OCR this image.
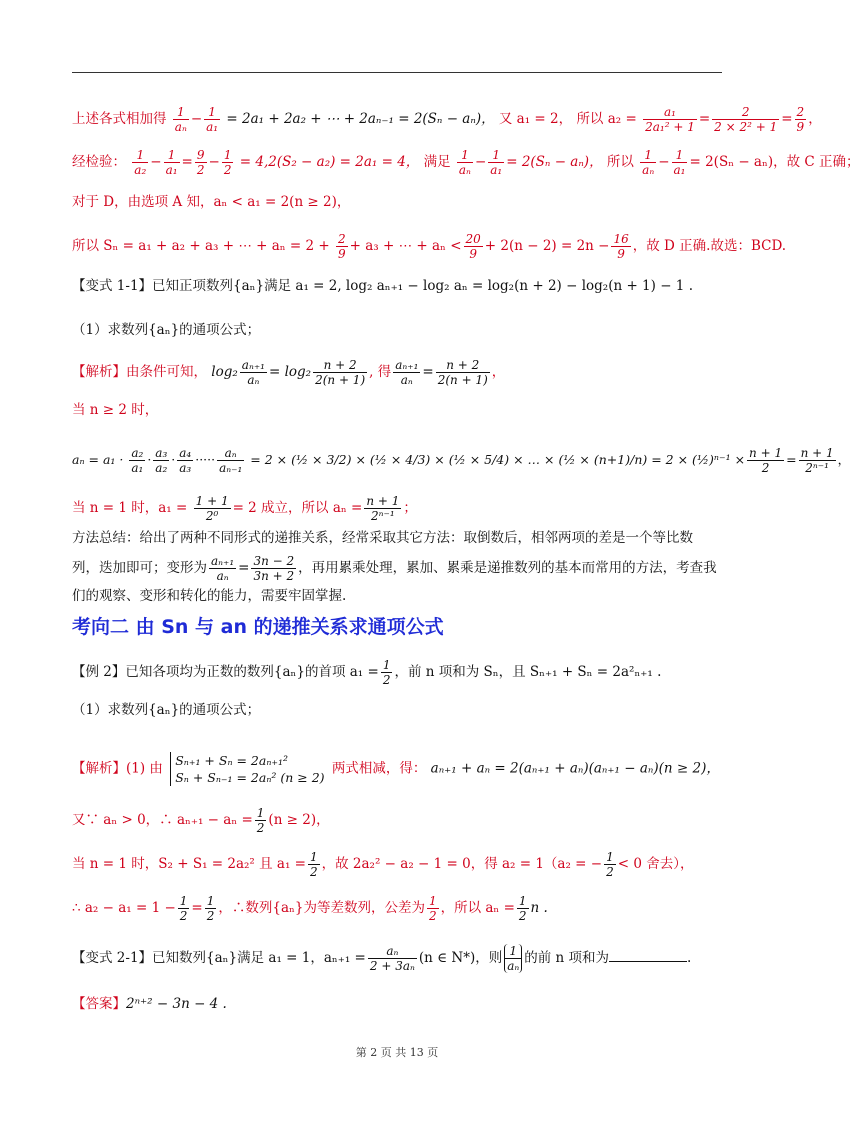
上述各式相加得 $\frac{1}{\text{aₙ}} - \frac{1}{\text{a₁}} = 2a_1 + 2a_2$ + ⋯ + 2aₙ₋₁ = 2(Sₙ − aₙ)， 又 a₁ = 2， 所以 $a_2 = \frac{\text{a₁}}{\text{2a₁² + 1}} = \frac{2}{\text{2 × 2² + 1}} = \frac{2}{9}$ ，
经检验： $\frac{1}{\text{a₂}} - \frac{1}{\text{a₁}} = \frac{9}{2} - \frac{1}{2} = 4,2(S_2 - a_2) = 2a_1 = 4$， 满足 $\frac{1}{\text{aₙ}} - \frac{1}{\text{a₁}} = 2(S_n - a_n)$， 所以 $\frac{1}{\text{aₙ}} - \frac{1}{\text{a₁}} = 2(S_n - a_n)$，故 C 正确；
对于 D，由选项 A 知，aₙ < a₁ = 2(n ≥ 2)，
所以 Sₙ = a₁ + a₂ + a₃ + ⋯ + $a_n = 2 + \frac{2}{9} + a_3$ + ⋯ + $a_n < \frac{20}{9} + 2(n - 2) = 2n - \frac{16}{9}$ ，故 D 正确.故选：BCD.
【变式 1-1】已知正项数列{aₙ}满足 a₁ = 2, log₂ aₙ₊₁ − log₂ aₙ = log₂(n + 2) − log₂(n + 1) − 1 .
（1）求数列{aₙ}的通项公式；
【解析】由条件可知， $\log_2 \frac{\text{aₙ₊₁}}{\text{aₙ}} = \log_2 \frac{n + 2}{2(n + 1)}$ , 得 $\frac{\text{aₙ₊₁}}{\text{aₙ}} = \frac{n + 2}{2(n + 1)}$ ，
当 n ≥ 2 时，
$a_n = a_1 \cdot \frac{\text{a₂}}{\text{a₁}} \cdot \frac{\text{a₃}}{\text{a₂}} \cdot \frac{\text{a₄}}{\text{a₃}}$ ····· $\frac{\text{aₙ}}{\text{aₙ₋₁}} = 2$ × (½ × 3/2) × (½ × 4/3) × (½ × 5/4) × … × (½ × (n+1)/n) = 2 × (½)ⁿ⁻¹ × $\frac{n + 1}{2} = \frac{n + 1}{\text{2ⁿ⁻¹}}$ ，
当 n = 1 时，$a_1 = \frac{1 + 1}{\text{2⁰}} = 2$ 成立，所以 $a_n = \frac{n + 1}{\text{2ⁿ⁻¹}}$ ；
方法总结：给出了两种不同形式的递推关系，经常采取其它方法：取倒数后，相邻两项的差是一个等比数
列，迭加即可；变形为 $\frac{\text{aₙ₊₁}}{\text{aₙ}} = \frac{3n - 2}{3n + 2}$ ，再用累乘处理，累加、累乘是递推数列的基本而常用的方法，考查我
们的观察、变形和转化的能力，需要牢固掌握.
考向二 由 Sn 与 an 的递推关系求通项公式
【例 2】已知各项均为正数的数列{aₙ}的首项 $a_1 = \frac{1}{2}$ ，前 n 项和为 Sₙ，且 Sₙ₊₁ + Sₙ = 2a²ₙ₊₁ .
（1）求数列{aₙ}的通项公式；
【解析】(1) 由 Sₙ₊₁ + Sₙ = 2aₙ₊₁²
Sₙ + Sₙ₋₁ = 2aₙ² (n ≥ 2) 两式相减，得： aₙ₊₁ + aₙ = 2(aₙ₊₁ + aₙ)(aₙ₊₁ − aₙ)(n ≥ 2)，
又∵ aₙ > 0，∴ $a_{n+1} - a_n = \frac{1}{2} (n \ge 2)$，
当 n = 1 时，S₂ + S₁ = 2a₂² 且 $a_1 = \frac{1}{2}$ ，故 2a₂² − a₂ − 1 = 0，得 a₂ = 1（a₂ = − $\frac{1}{2} < 0$ 舍去），
∴ $a_2 - a_1 = 1 - \frac{1}{2} = \frac{1}{2}$ ，∴数列{aₙ}为等差数列，公差为 $\frac{1}{2}$ ，所以 $a_n = \frac{1}{2}$ n .
【变式 2-1】已知数列{aₙ}满足 a₁ = 1，$a_{n+1} = \frac{\text{aₙ}}{\text{2 + 3aₙ}} (n$ ∈ N*)，则 $\frac{1}{\text{aₙ}}$ 的前 n 项和为	.
【答案】2ⁿ⁺² − 3n − 4 .
第 2 页 共 13 页
